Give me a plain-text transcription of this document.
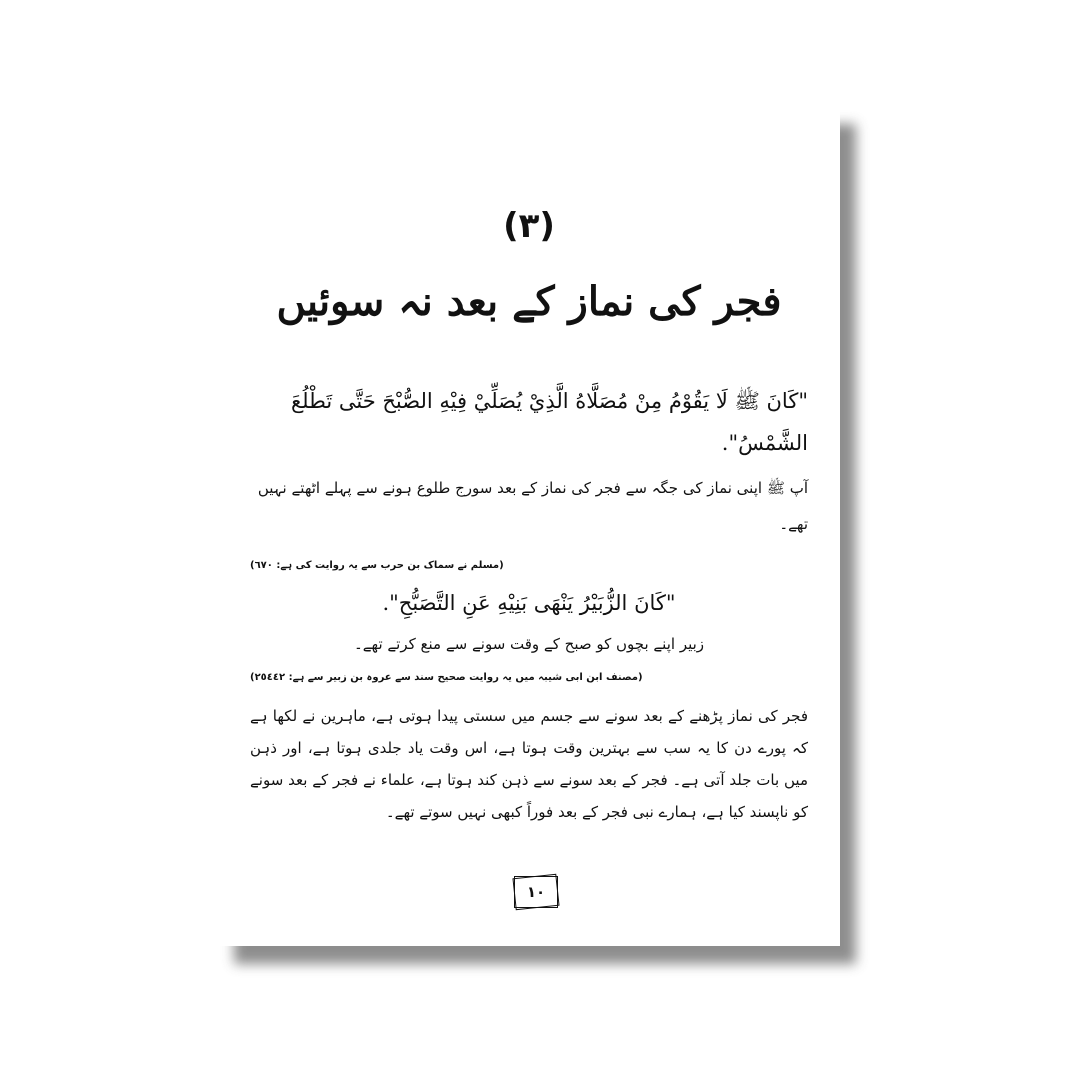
(٣)
فجر کی نماز کے بعد نہ سوئیں
"كَانَ ﷺ لَا يَقُوْمُ مِنْ مُصَلَّاهُ الَّذِيْ يُصَلِّيْ فِيْهِ الصُّبْحَ حَتَّى تَطْلُعَ الشَّمْسُ".
آپ ﷺ اپنی نماز کی جگہ سے فجر کی نماز کے بعد سورج طلوع ہونے سے پہلے اٹھتے نہیں تھے۔
(مسلم نے سماک بن حرب سے یہ روایت کی ہے: ٦٧٠)
"كَانَ الزُّبَيْرُ يَنْهَى بَنِيْهِ عَنِ التَّصَبُّحِ".
زبیر اپنے بچوں کو صبح کے وقت سونے سے منع کرتے تھے۔
(مصنف ابن ابی شیبہ میں یہ روایت صحیح سند سے عروہ بن زبیر سے ہے: ٢٥٤٤٢)
فجر کی نماز پڑھنے کے بعد سونے سے جسم میں سستی پیدا ہوتی ہے، ماہرین نے لکھا ہے کہ پورے دن کا یہ سب سے بہترین وقت ہوتا ہے، اس وقت یاد جلدی ہوتا ہے، اور ذہن میں بات جلد آتی ہے۔ فجر کے بعد سونے سے ذہن کند ہوتا ہے، علماء نے فجر کے بعد سونے کو ناپسند کیا ہے، ہمارے نبی فجر کے بعد فوراً کبھی نہیں سوتے تھے۔
١٠
